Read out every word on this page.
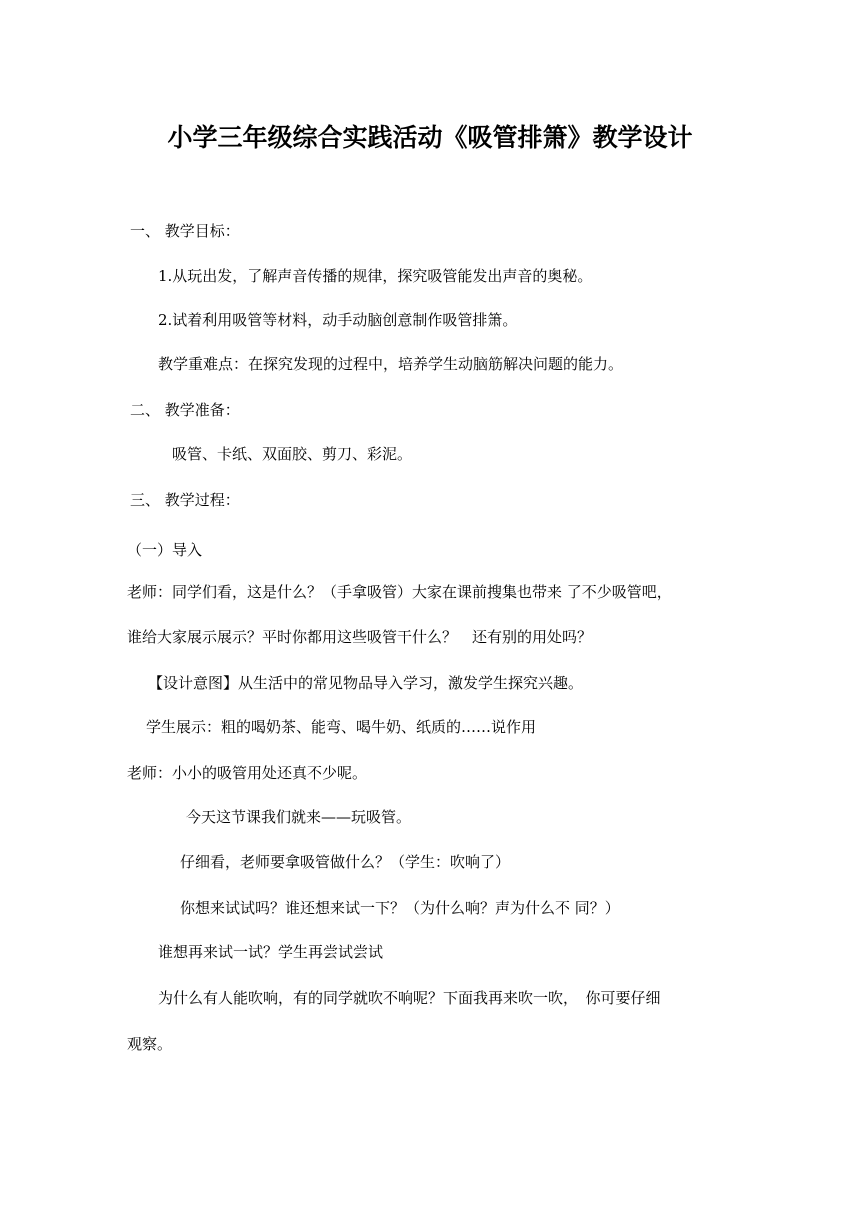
小学三年级综合实践活动《吸管排箫》教学设计
一、 教学目标：
1.从玩出发，了解声音传播的规律，探究吸管能发出声音的奥秘。
2.试着利用吸管等材料，动手动脑创意制作吸管排箫。
教学重难点：在探究发现的过程中，培养学生动脑筋解决问题的能力。
二、 教学准备：
吸管、卡纸、双面胶、剪刀、彩泥。
三、 教学过程：
（一）导入
老师：同学们看，这是什么？（手拿吸管）大家在课前搜集也带来 了不少吸管吧，
谁给大家展示展示？平时你都用这些吸管干什么？　还有别的用处吗？
【设计意图】从生活中的常见物品导入学习，激发学生探究兴趣。
学生展示：粗的喝奶茶、能弯、喝牛奶、纸质的……说作用
老师：小小的吸管用处还真不少呢。
今天这节课我们就来——玩吸管。
仔细看，老师要拿吸管做什么？（学生：吹响了）
你想来试试吗？谁还想来试一下？（为什么响？声为什么不 同？）
谁想再来试一试？学生再尝试尝试
为什么有人能吹响，有的同学就吹不响呢？下面我再来吹一吹，　你可要仔细
观察。
